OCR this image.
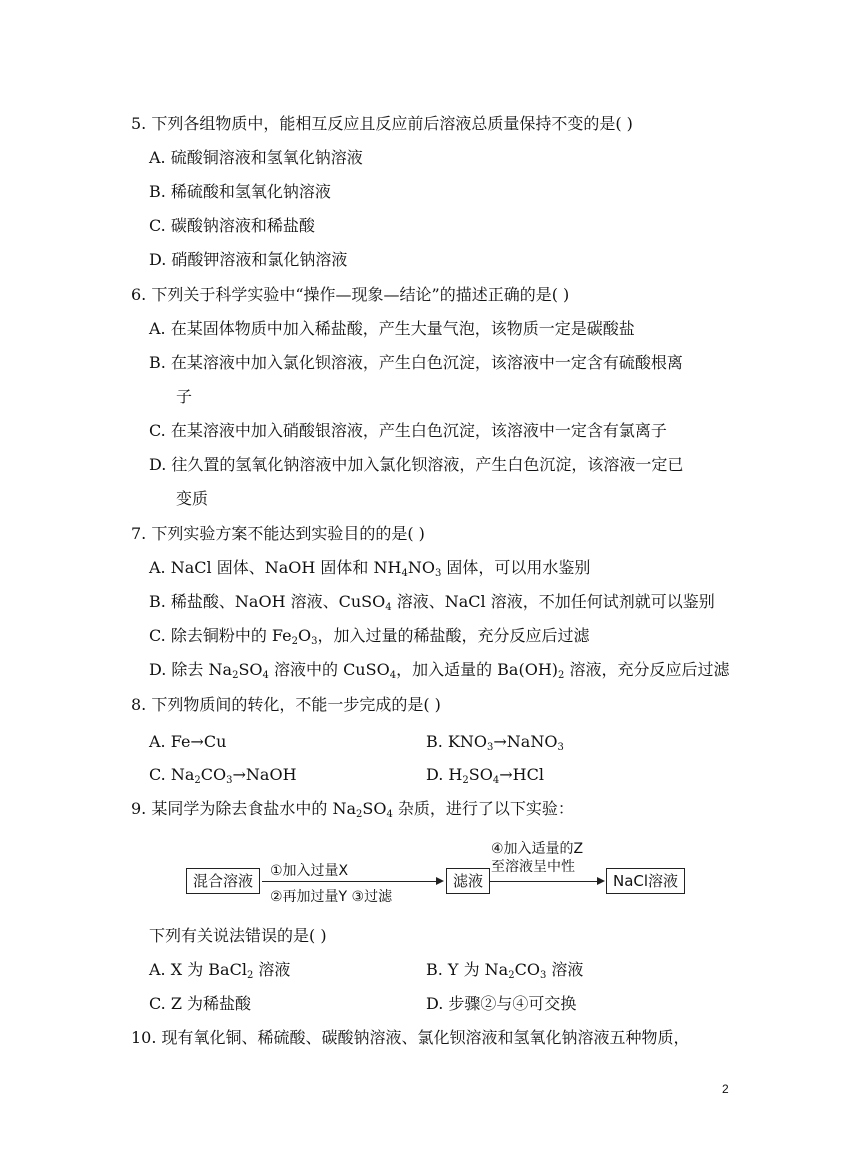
5. 下列各组物质中，能相互反应且反应前后溶液总质量保持不变的是( )
A. 硫酸铜溶液和氢氧化钠溶液
B. 稀硫酸和氢氧化钠溶液
C. 碳酸钠溶液和稀盐酸
D. 硝酸钾溶液和氯化钠溶液
6. 下列关于科学实验中“操作—现象—结论”的描述正确的是( )
A. 在某固体物质中加入稀盐酸，产生大量气泡，该物质一定是碳酸盐
B. 在某溶液中加入氯化钡溶液，产生白色沉淀，该溶液中一定含有硫酸根离
子
C. 在某溶液中加入硝酸银溶液，产生白色沉淀，该溶液中一定含有氯离子
D. 往久置的氢氧化钠溶液中加入氯化钡溶液，产生白色沉淀，该溶液一定已
变质
7. 下列实验方案不能达到实验目的的是( )
A. NaCl 固体、NaOH 固体和 $NH_4NO_3$ 固体，可以用水鉴别
B. 稀盐酸、NaOH 溶液、CuSO$_4$ 溶液、NaCl 溶液，不加任何试剂就可以鉴别
C. 除去铜粉中的 $Fe_2O_3$，加入过量的稀盐酸，充分反应后过滤
D. 除去 $Na_2SO_4$ 溶液中的 CuSO$_4$，加入适量的 $Ba(OH)_2$ 溶液，充分反应后过滤
8. 下列物质间的转化，不能一步完成的是( )
A. Fe→Cu	B. $KNO_3\to NaNO_3$
C. $Na_2CO_3\to NaOH$	D. $H_2SO_4\to HCl$
9. 某同学为除去食盐水中的 $Na_2SO_4$ 杂质，进行了以下实验：
混合溶液
①加入过量X
②再加过量Y ③过滤
滤液
④加入适量的Z
至溶液呈中性
NaCl溶液
下列有关说法错误的是( )
A. X 为 BaCl$_2$ 溶液	B. Y 为 $Na_2CO_3$ 溶液
C. Z 为稀盐酸	D. 步骤②与④可交换
10. 现有氧化铜、稀硫酸、碳酸钠溶液、氯化钡溶液和氢氧化钠溶液五种物质，
2
